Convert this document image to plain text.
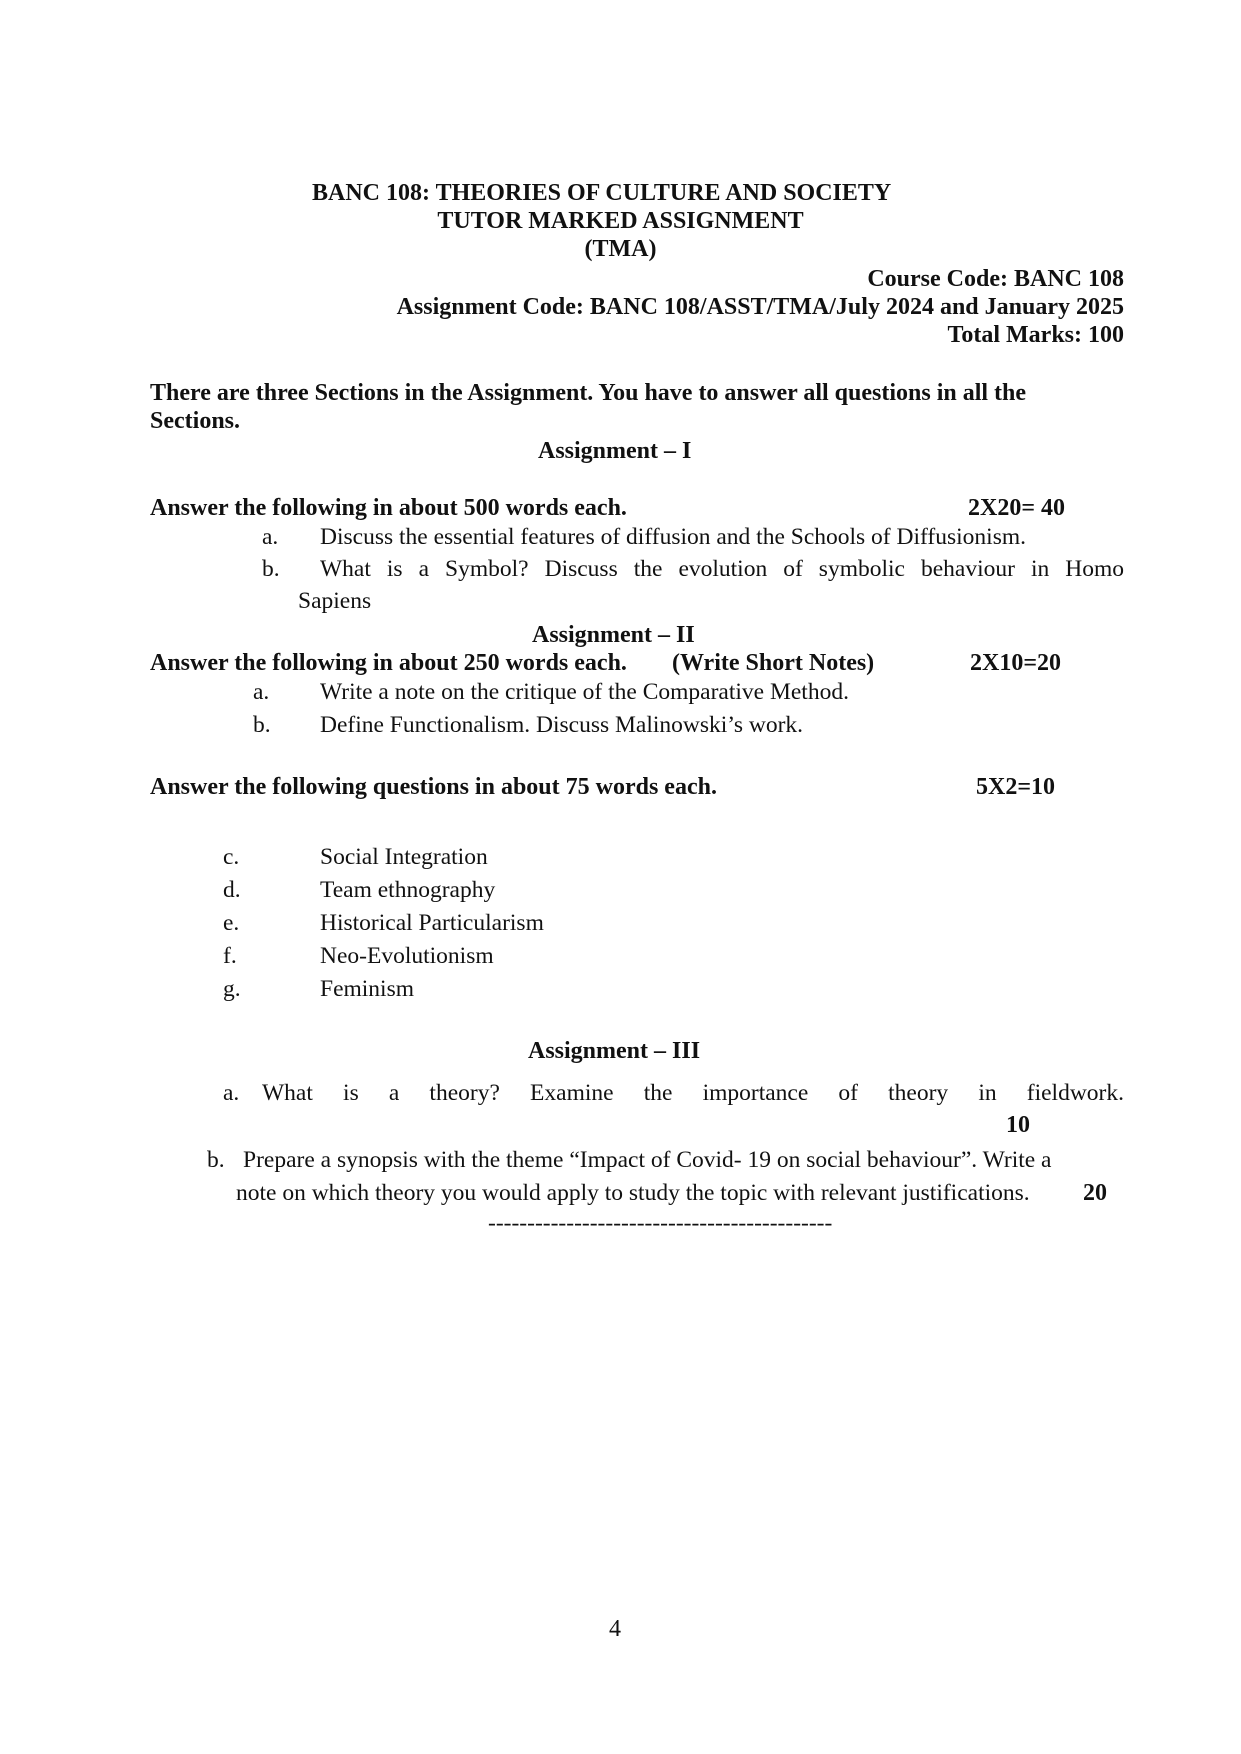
BANC 108: THEORIES OF CULTURE AND SOCIETY
TUTOR MARKED ASSIGNMENT
(TMA)
Course Code: BANC 108
Assignment Code: BANC 108/ASST/TMA/July 2024 and January 2025
Total Marks: 100
There are three Sections in the Assignment. You have to answer all questions in all the
Sections.
Assignment – I
Answer the following in about 500 words each.	2X20= 40
a. Discuss the essential features of diffusion and the Schools of Diffusionism.
b. What is a Symbol? Discuss the evolution of symbolic behaviour in Homo
Sapiens
Assignment – II
Answer the following in about 250 words each. (Write Short Notes)	2X10=20
a. Write a note on the critique of the Comparative Method.
b. Define Functionalism. Discuss Malinowski’s work.
Answer the following questions in about 75 words each.	5X2=10
c.	Social Integration
d.	Team ethnography
e.	Historical Particularism
f.	Neo-Evolutionism
g.	Feminism
Assignment – III
a. What is a theory? Examine the importance of theory in fieldwork.
10
b. Prepare a synopsis with the theme “Impact of Covid- 19 on social behaviour”. Write a
note on which theory you would apply to study the topic with relevant justifications. 20
--------------------------------------------
4
